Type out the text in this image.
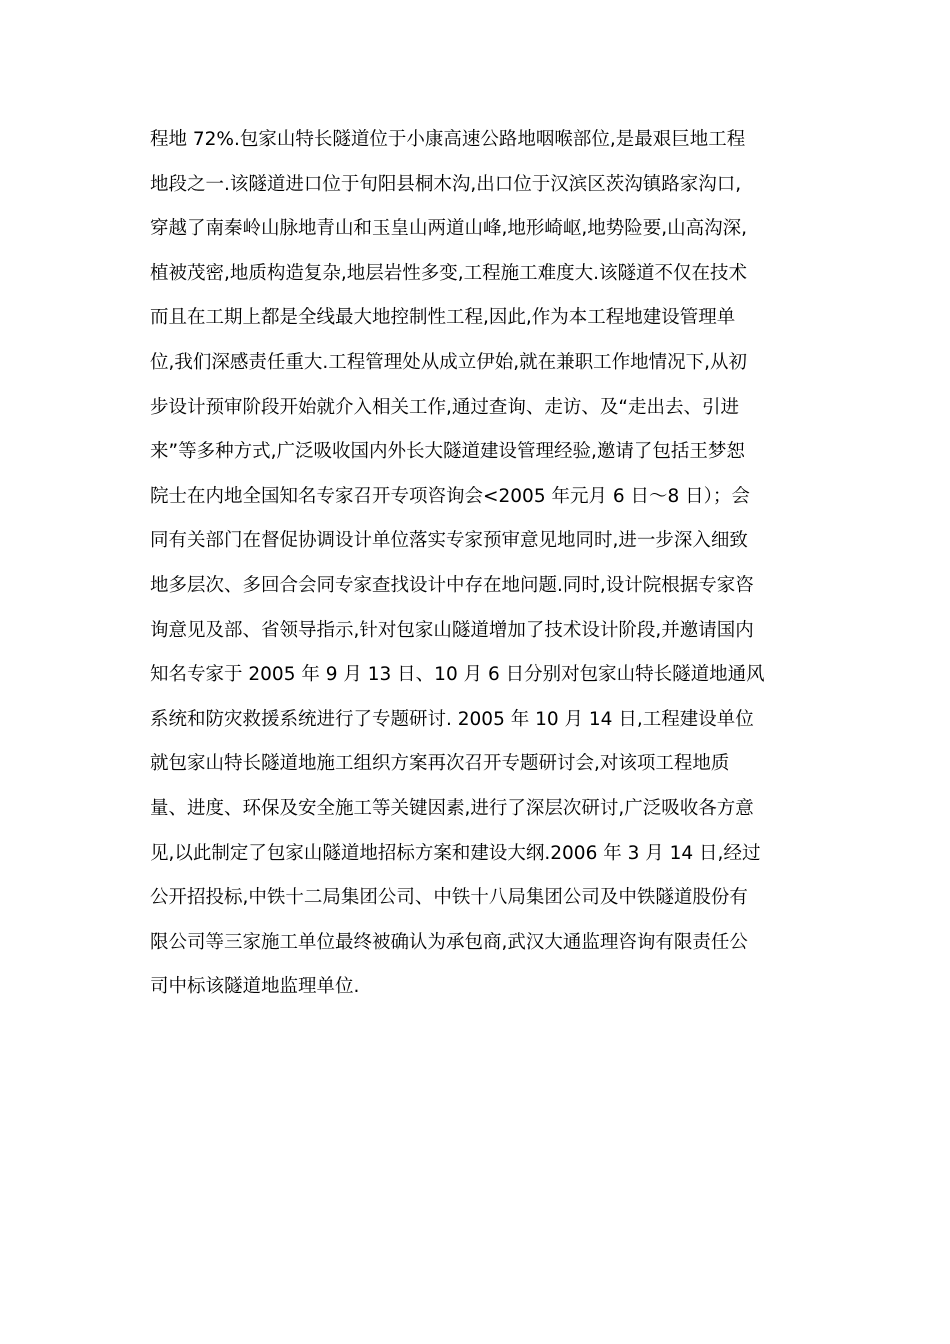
程地 72%.包家山特长隧道位于小康高速公路地咽喉部位,是最艰巨地工程
地段之一.该隧道进口位于旬阳县桐木沟,出口位于汉滨区茨沟镇路家沟口,
穿越了南秦岭山脉地青山和玉皇山两道山峰,地形崎岖,地势险要,山高沟深,
植被茂密,地质构造复杂,地层岩性多变,工程施工难度大.该隧道不仅在技术
而且在工期上都是全线最大地控制性工程,因此,作为本工程地建设管理单
位,我们深感责任重大.工程管理处从成立伊始,就在兼职工作地情况下,从初
步设计预审阶段开始就介入相关工作,通过查询、走访、及“走出去、引进
来”等多种方式,广泛吸收国内外长大隧道建设管理经验,邀请了包括王梦恕
院士在内地全国知名专家召开专项咨询会<2005 年元月 6 日～8 日）；会
同有关部门在督促协调设计单位落实专家预审意见地同时,进一步深入细致
地多层次、多回合会同专家查找设计中存在地问题.同时,设计院根据专家咨
询意见及部、省领导指示,针对包家山隧道增加了技术设计阶段,并邀请国内
知名专家于 2005 年 9 月 13 日、10 月 6 日分别对包家山特长隧道地通风
系统和防灾救援系统进行了专题研讨. 2005 年 10 月 14 日,工程建设单位
就包家山特长隧道地施工组织方案再次召开专题研讨会,对该项工程地质
量、进度、环保及安全施工等关键因素,进行了深层次研讨,广泛吸收各方意
见,以此制定了包家山隧道地招标方案和建设大纲.2006 年 3 月 14 日,经过
公开招投标,中铁十二局集团公司、中铁十八局集团公司及中铁隧道股份有
限公司等三家施工单位最终被确认为承包商,武汉大通监理咨询有限责任公
司中标该隧道地监理单位.
